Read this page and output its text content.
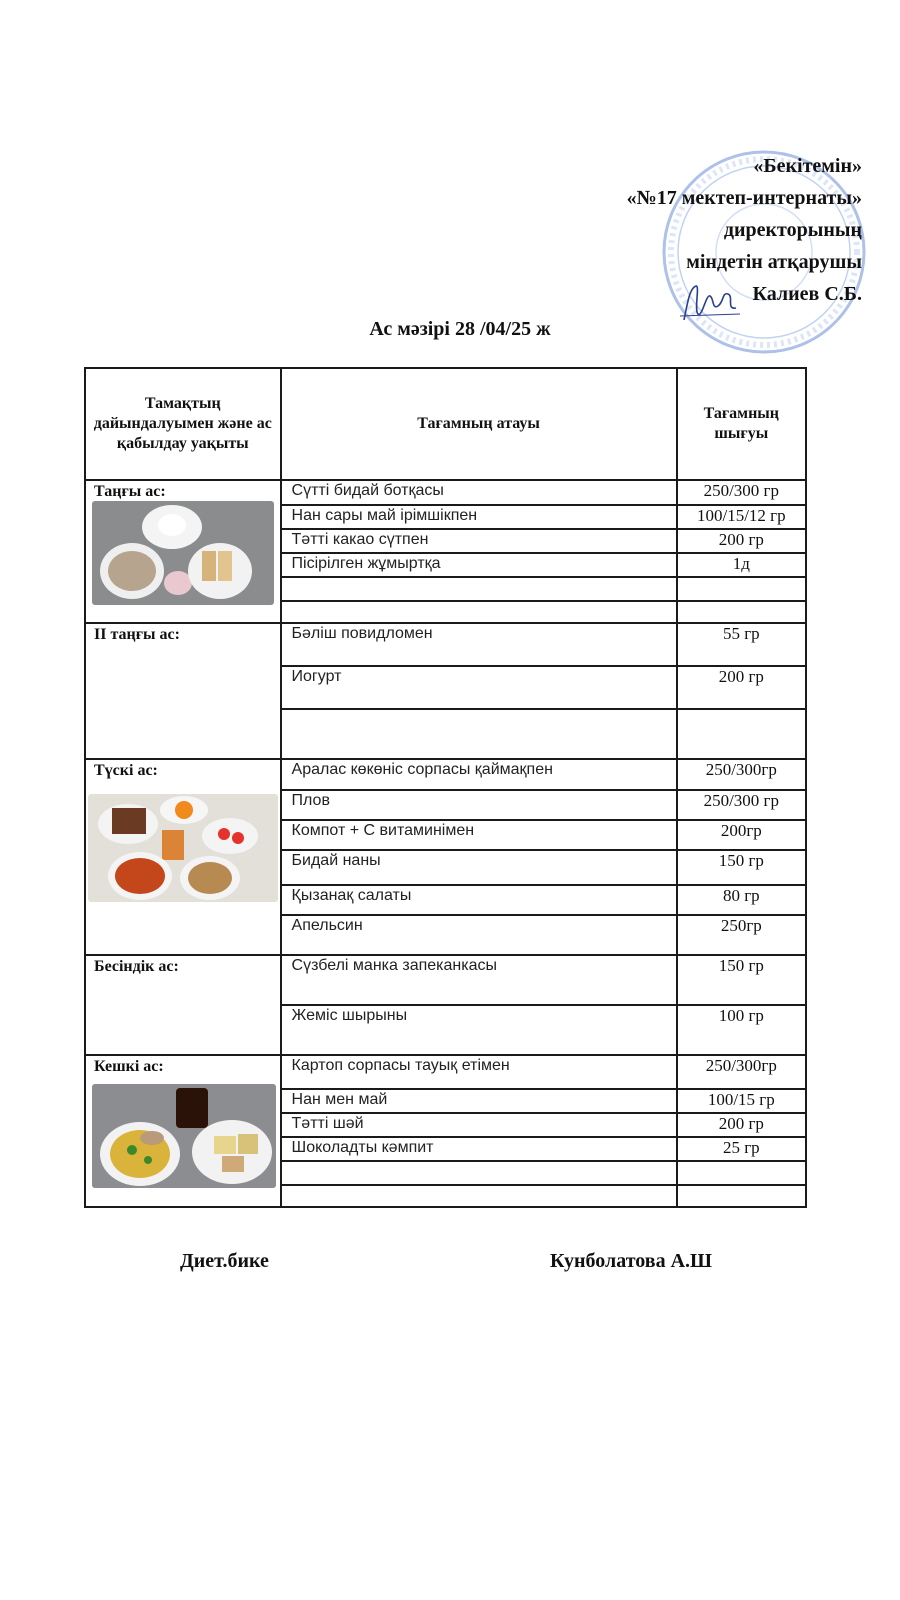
«Бекітемін»
«№17 мектеп-интернаты»
директорының
міндетін атқарушы
Калиев С.Б.
Ас мәзірі 28 /04/25 ж
Тамақтың дайындалуымен және ас қабылдау уақыты	Тағамның атауы	Тағамның шығуы

Таңғы ас:	Сүтті бидай ботқасы	250/300 гр
	Нан сары май ірімшікпен	100/15/12 гр
	Тәтті какао сүтпен	200 гр
	Пісірілген жұмыртқа	1д

ІІ таңғы ас:	Бәліш повидломен	55 гр
	Иогурт	200 гр

Түскі ас:	Аралас көкөніс сорпасы қаймақпен	250/300гр
	Плов	250/300 гр
	Компот + С витаминімен	200гр
	Бидай наны	150 гр
	Қызанақ салаты	80 гр
	Апельсин	250гр

Бесіндік ас:	Сүзбелі манка запеканкасы	150 гр
	Жеміс шырыны	100 гр

Кешкі ас:	Картоп сорпасы тауық етімен	250/300гр
	Нан мен май	100/15 гр
	Тәтті шәй	200 гр
	Шоколадты кәмпит	25 гр

Диет.бике	Кунболатова А.Ш
